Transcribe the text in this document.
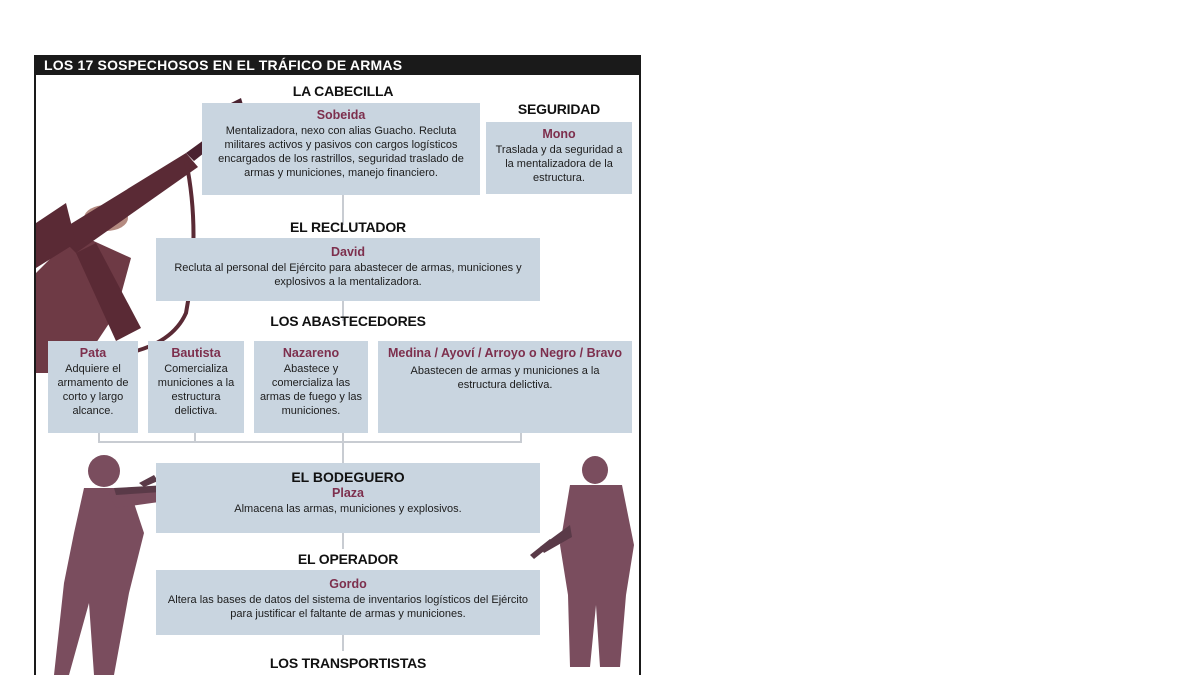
LOS 17 SOSPECHOSOS EN EL TRÁFICO DE ARMAS
LA CABECILLA
Sobeida
Mentalizadora, nexo con alias Guacho. Recluta militares activos y pasivos con cargos logísticos encargados de los rastrillos, seguridad traslado de armas y municiones, manejo financiero.
SEGURIDAD
Mono
Traslada y da seguridad a la mentalizadora de la estructura.
EL RECLUTADOR
David
Recluta al personal del Ejército para abastecer de armas, municiones y explosivos a la mentalizadora.
LOS ABASTECEDORES
Pata
Adquiere el armamento de corto y largo alcance.
Bautista
Comercializa municiones a la estructura delictiva.
Nazareno
Abastece y comercializa las armas de fuego y las municiones.
Medina / Ayoví / Arroyo o Negro / Bravo
Abastecen de armas y municiones a la estructura delictiva.
EL BODEGUERO
Plaza
Almacena las armas, municiones y explosivos.
EL OPERADOR
Gordo
Altera las bases de datos del sistema de inventarios logísticos del Ejército para justificar el faltante de armas y municiones.
LOS TRANSPORTISTAS
